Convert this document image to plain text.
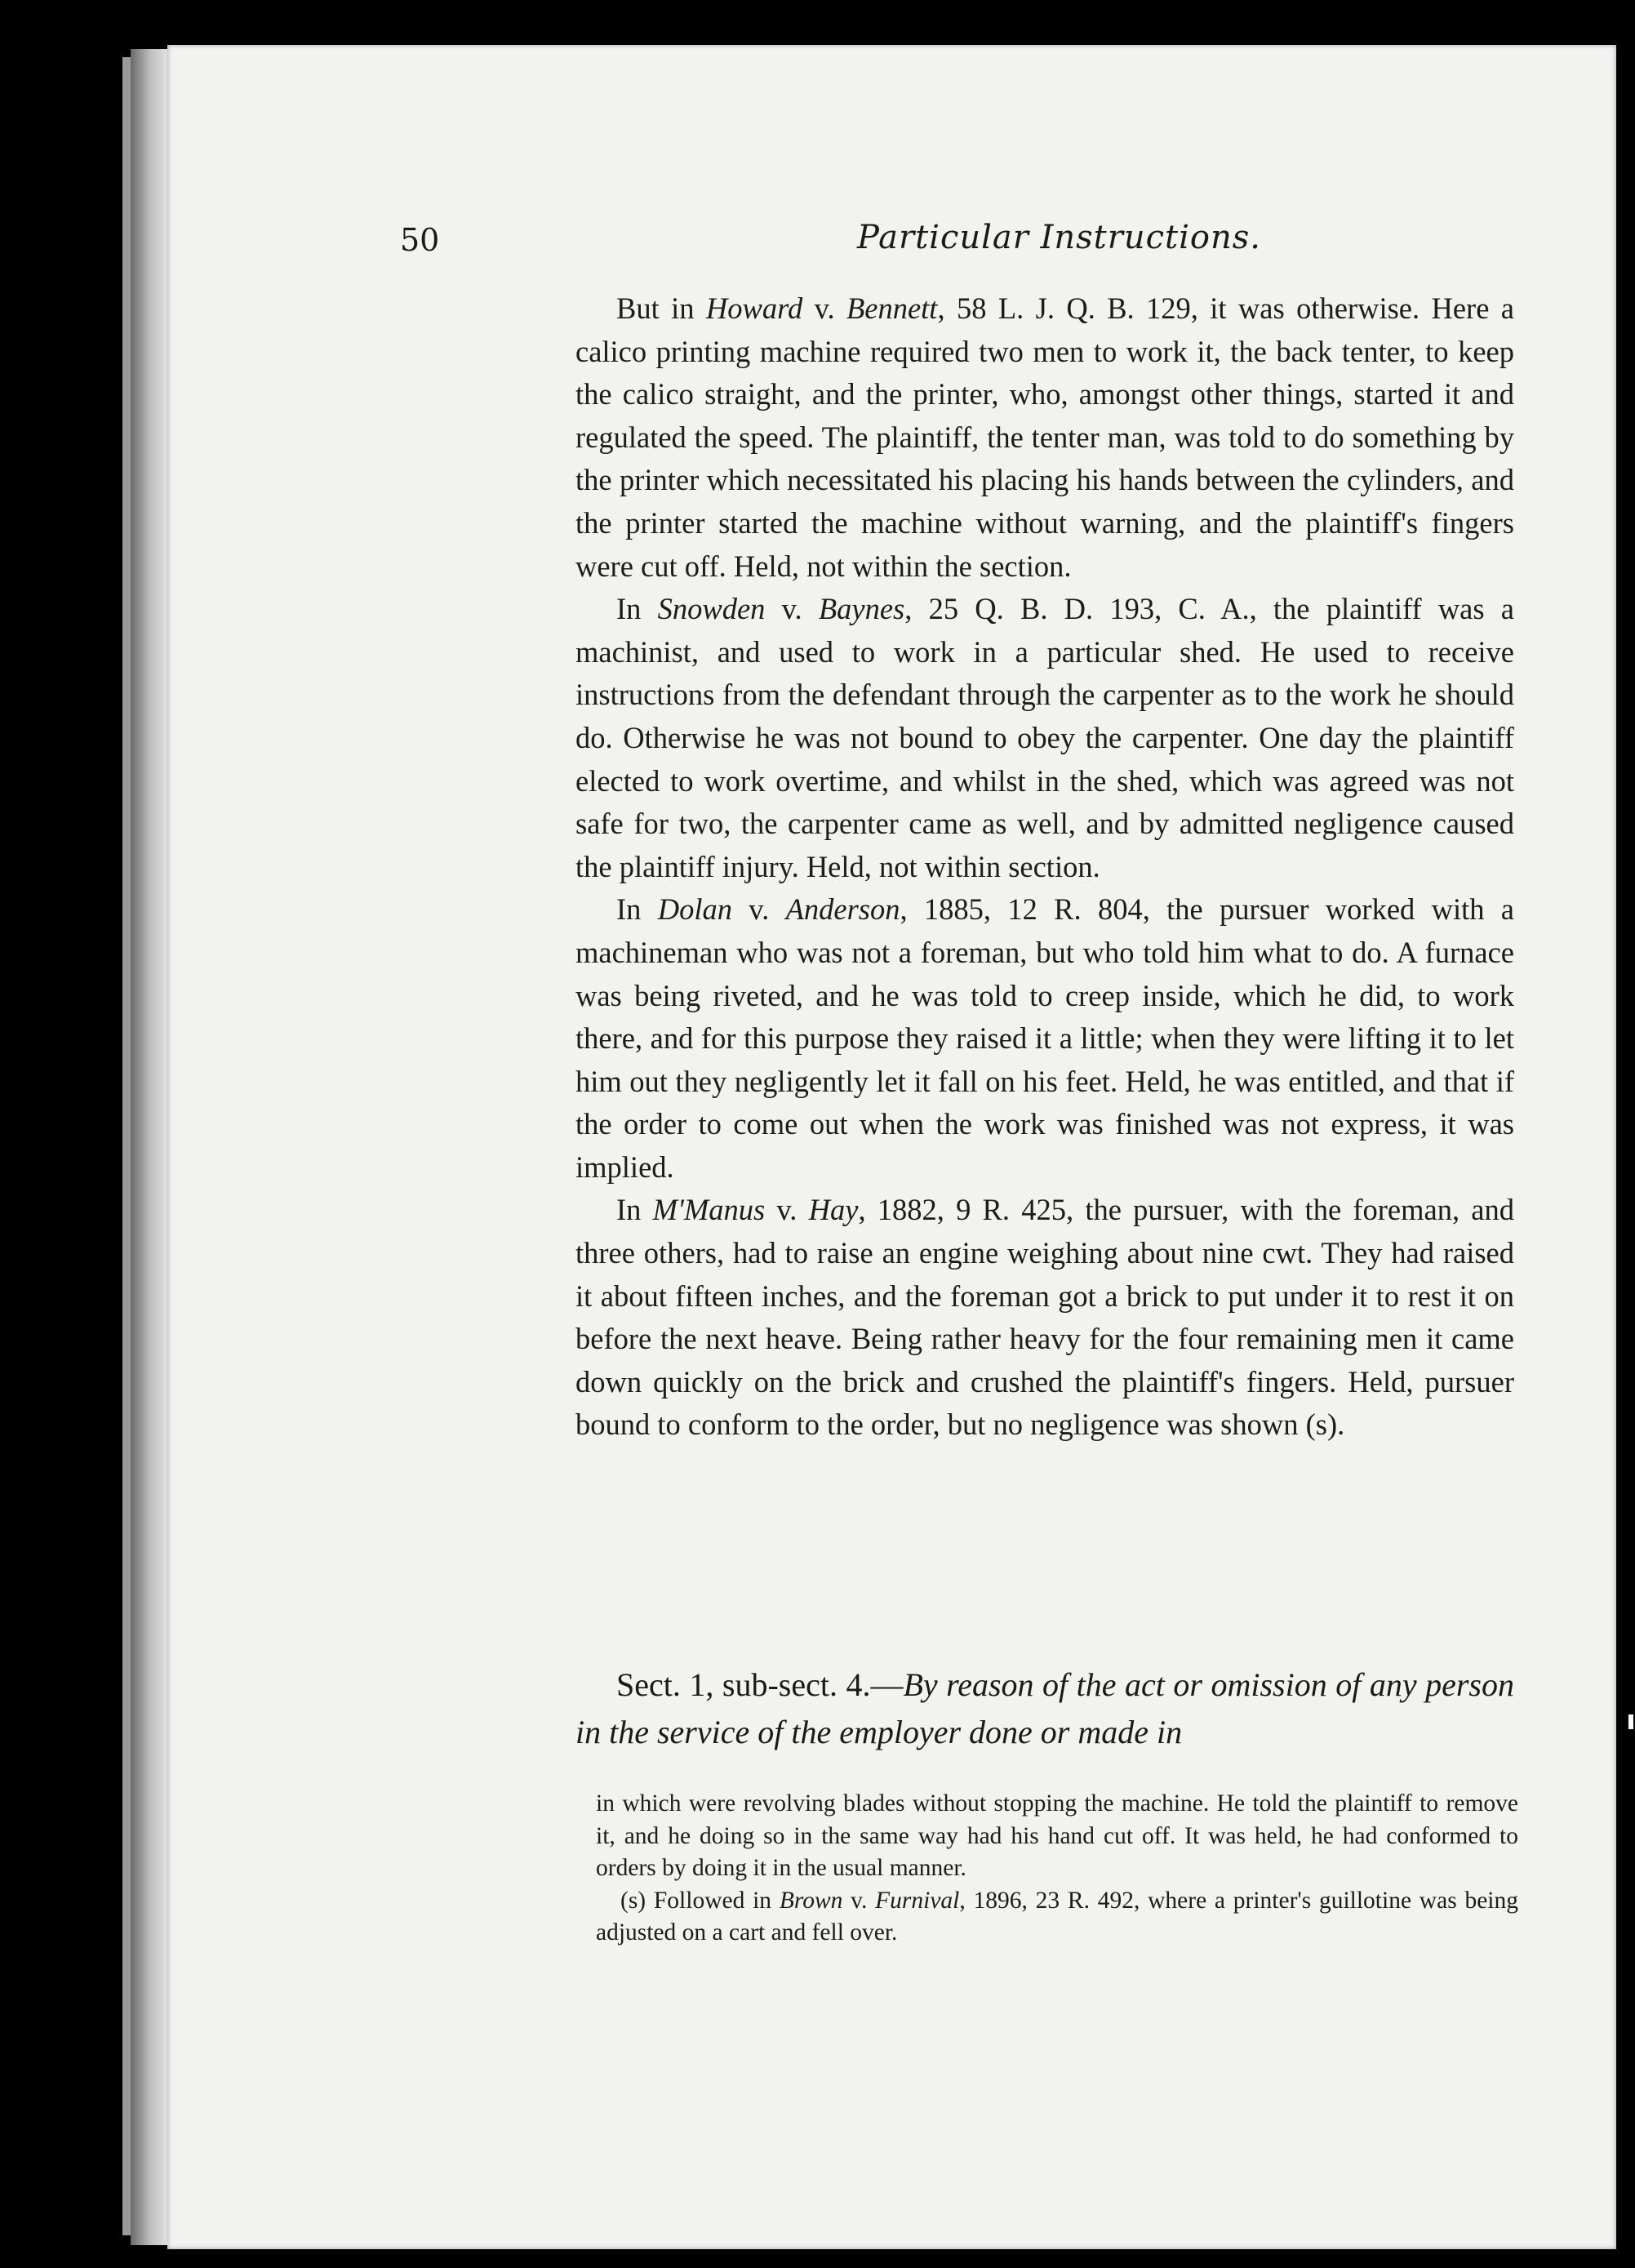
50	Particular Instructions.

But in Howard v. Bennett, 58 L. J. Q. B. 129, it was otherwise. Here a calico printing machine required two men to work it, the back tenter, to keep the calico straight, and the printer, who, amongst other things, started it and regulated the speed. The plaintiff, the tenter man, was told to do something by the printer which necessitated his placing his hands between the cylinders, and the printer started the machine without warning, and the plaintiff's fingers were cut off. Held, not within the section.

In Snowden v. Baynes, 25 Q. B. D. 193, C. A., the plaintiff was a machinist, and used to work in a particular shed. He used to receive instructions from the defendant through the carpenter as to the work he should do. Otherwise he was not bound to obey the carpenter. One day the plaintiff elected to work overtime, and whilst in the shed, which was agreed was not safe for two, the carpenter came as well, and by admitted negligence caused the plaintiff injury. Held, not within section.

In Dolan v. Anderson, 1885, 12 R. 804, the pursuer worked with a machineman who was not a foreman, but who told him what to do. A furnace was being riveted, and he was told to creep inside, which he did, to work there, and for this purpose they raised it a little; when they were lifting it to let him out they negligently let it fall on his feet. Held, he was entitled, and that if the order to come out when the work was finished was not express, it was implied.

In M'Manus v. Hay, 1882, 9 R. 425, the pursuer, with the foreman, and three others, had to raise an engine weighing about nine cwt. They had raised it about fifteen inches, and the foreman got a brick to put under it to rest it on before the next heave. Being rather heavy for the four remaining men it came down quickly on the brick and crushed the plaintiff's fingers. Held, pursuer bound to conform to the order, but no negligence was shown (s).

Sect. 1, sub-sect. 4.—By reason of the act or omission of any person in the service of the employer done or made in

in which were revolving blades without stopping the machine. He told the plaintiff to remove it, and he doing so in the same way had his hand cut off. It was held, he had conformed to orders by doing it in the usual manner.

(s) Followed in Brown v. Furnival, 1896, 23 R. 492, where a printer's guillotine was being adjusted on a cart and fell over.
